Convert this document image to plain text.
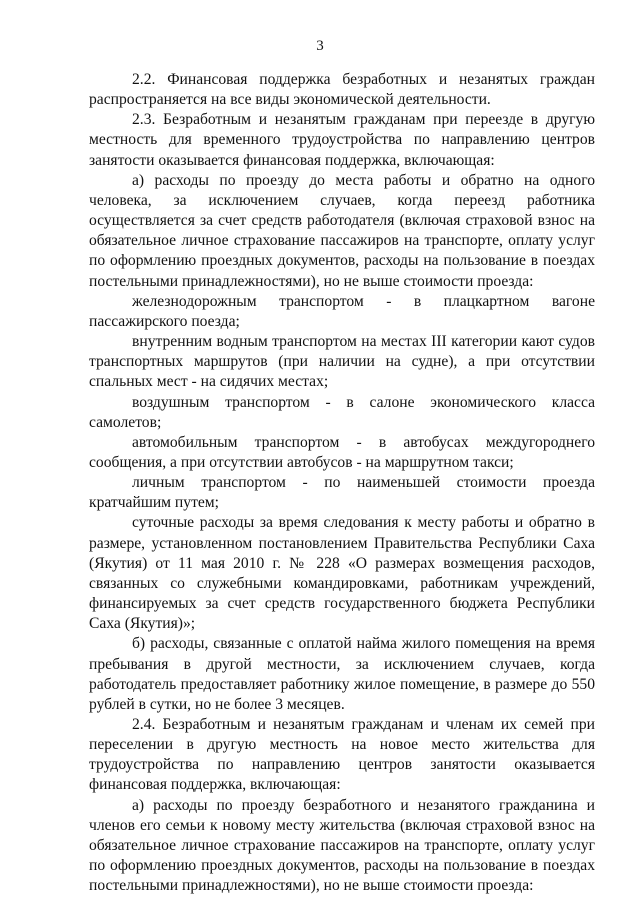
3

2.2. Финансовая поддержка безработных и незанятых граждан распространяется на все виды экономической деятельности.

2.3. Безработным и незанятым гражданам при переезде в другую местность для временного трудоустройства по направлению центров занятости оказывается финансовая поддержка, включающая:

а) расходы по проезду до места работы и обратно на одного человека, за исключением случаев, когда переезд работника осуществляется за счет средств работодателя (включая страховой взнос на обязательное личное страхование пассажиров на транспорте, оплату услуг по оформлению проездных документов, расходы на пользование в поездах постельными принадлежностями), но не выше стоимости проезда:

железнодорожным транспортом - в плацкартном вагоне пассажирского поезда;

внутренним водным транспортом на местах III категории кают судов транспортных маршрутов (при наличии на судне), а при отсутствии спальных мест - на сидячих местах;

воздушным транспортом - в салоне экономического класса самолетов;

автомобильным транспортом - в автобусах междугороднего сообщения, а при отсутствии автобусов - на маршрутном такси;

личным транспортом - по наименьшей стоимости проезда кратчайшим путем;

суточные расходы за время следования к месту работы и обратно в размере, установленном постановлением Правительства Республики Саха (Якутия) от 11 мая 2010 г. № 228 «О размерах возмещения расходов, связанных со служебными командировками, работникам учреждений, финансируемых за счет средств государственного бюджета Республики Саха (Якутия)»;

б) расходы, связанные с оплатой найма жилого помещения на время пребывания в другой местности, за исключением случаев, когда работодатель предоставляет работнику жилое помещение, в размере до 550 рублей в сутки, но не более 3 месяцев.

2.4. Безработным и незанятым гражданам и членам их семей при переселении в другую местность на новое место жительства для трудоустройства по направлению центров занятости оказывается финансовая поддержка, включающая:

а) расходы по проезду безработного и незанятого гражданина и членов его семьи к новому месту жительства (включая страховой взнос на обязательное личное страхование пассажиров на транспорте, оплату услуг по оформлению проездных документов, расходы на пользование в поездах постельными принадлежностями), но не выше стоимости проезда:
